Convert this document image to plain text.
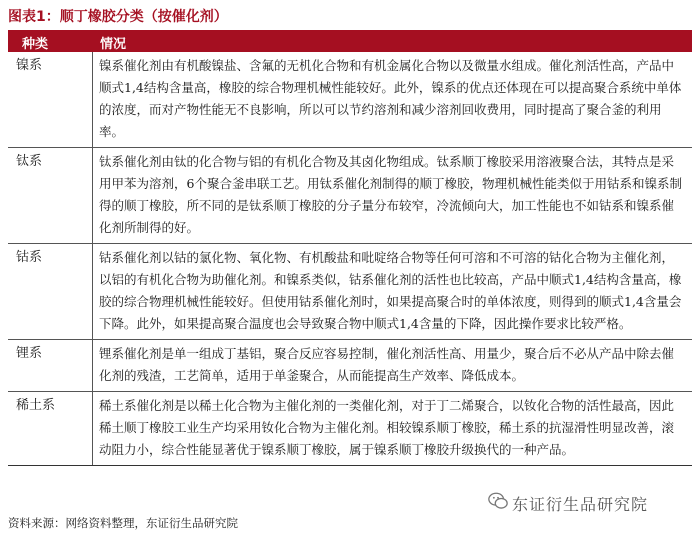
图表1：顺丁橡胶分类（按催化剂）
种类	情况
镍系	镍系催化剂由有机酸镍盐、含氟的无机化合物和有机金属化合物以及微量水组成。催化剂活性高，产品中顺式1,4结构含量高，橡胶的综合物理机械性能较好。此外，镍系的优点还体现在可以提高聚合系统中单体的浓度，而对产物性能无不良影响，所以可以节约溶剂和减少溶剂回收费用，同时提高了聚合釜的利用率。
钛系	钛系催化剂由钛的化合物与铝的有机化合物及其卤化物组成。钛系顺丁橡胶采用溶液聚合法，其特点是采用甲苯为溶剂，6个聚合釜串联工艺。用钛系催化剂制得的顺丁橡胶，物理机械性能类似于用钴系和镍系制得的顺丁橡胶，所不同的是钛系顺丁橡胶的分子量分布较窄，冷流倾向大，加工性能也不如钴系和镍系催化剂所制得的好。
钴系	钴系催化剂以钴的氯化物、氧化物、有机酸盐和吡啶络合物等任何可溶和不可溶的钴化合物为主催化剂，以铝的有机化合物为助催化剂。和镍系类似，钴系催化剂的活性也比较高，产品中顺式1,4结构含量高，橡胶的综合物理机械性能较好。但使用钴系催化剂时，如果提高聚合时的单体浓度，则得到的顺式1,4含量会下降。此外，如果提高聚合温度也会导致聚合物中顺式1,4含量的下降，因此操作要求比较严格。
锂系	锂系催化剂是单一组成丁基铝，聚合反应容易控制，催化剂活性高、用量少，聚合后不必从产品中除去催化剂的残渣，工艺简单，适用于单釜聚合，从而能提高生产效率、降低成本。
稀土系	稀土系催化剂是以稀土化合物为主催化剂的一类催化剂，对于丁二烯聚合，以钕化合物的活性最高，因此稀土顺丁橡胶工业生产均采用钕化合物为主催化剂。相较镍系顺丁橡胶，稀土系的抗湿滑性明显改善，滚动阻力小，综合性能显著优于镍系顺丁橡胶，属于镍系顺丁橡胶升级换代的一种产品。
东证衍生品研究院
资料来源：网络资料整理，东证衍生品研究院
